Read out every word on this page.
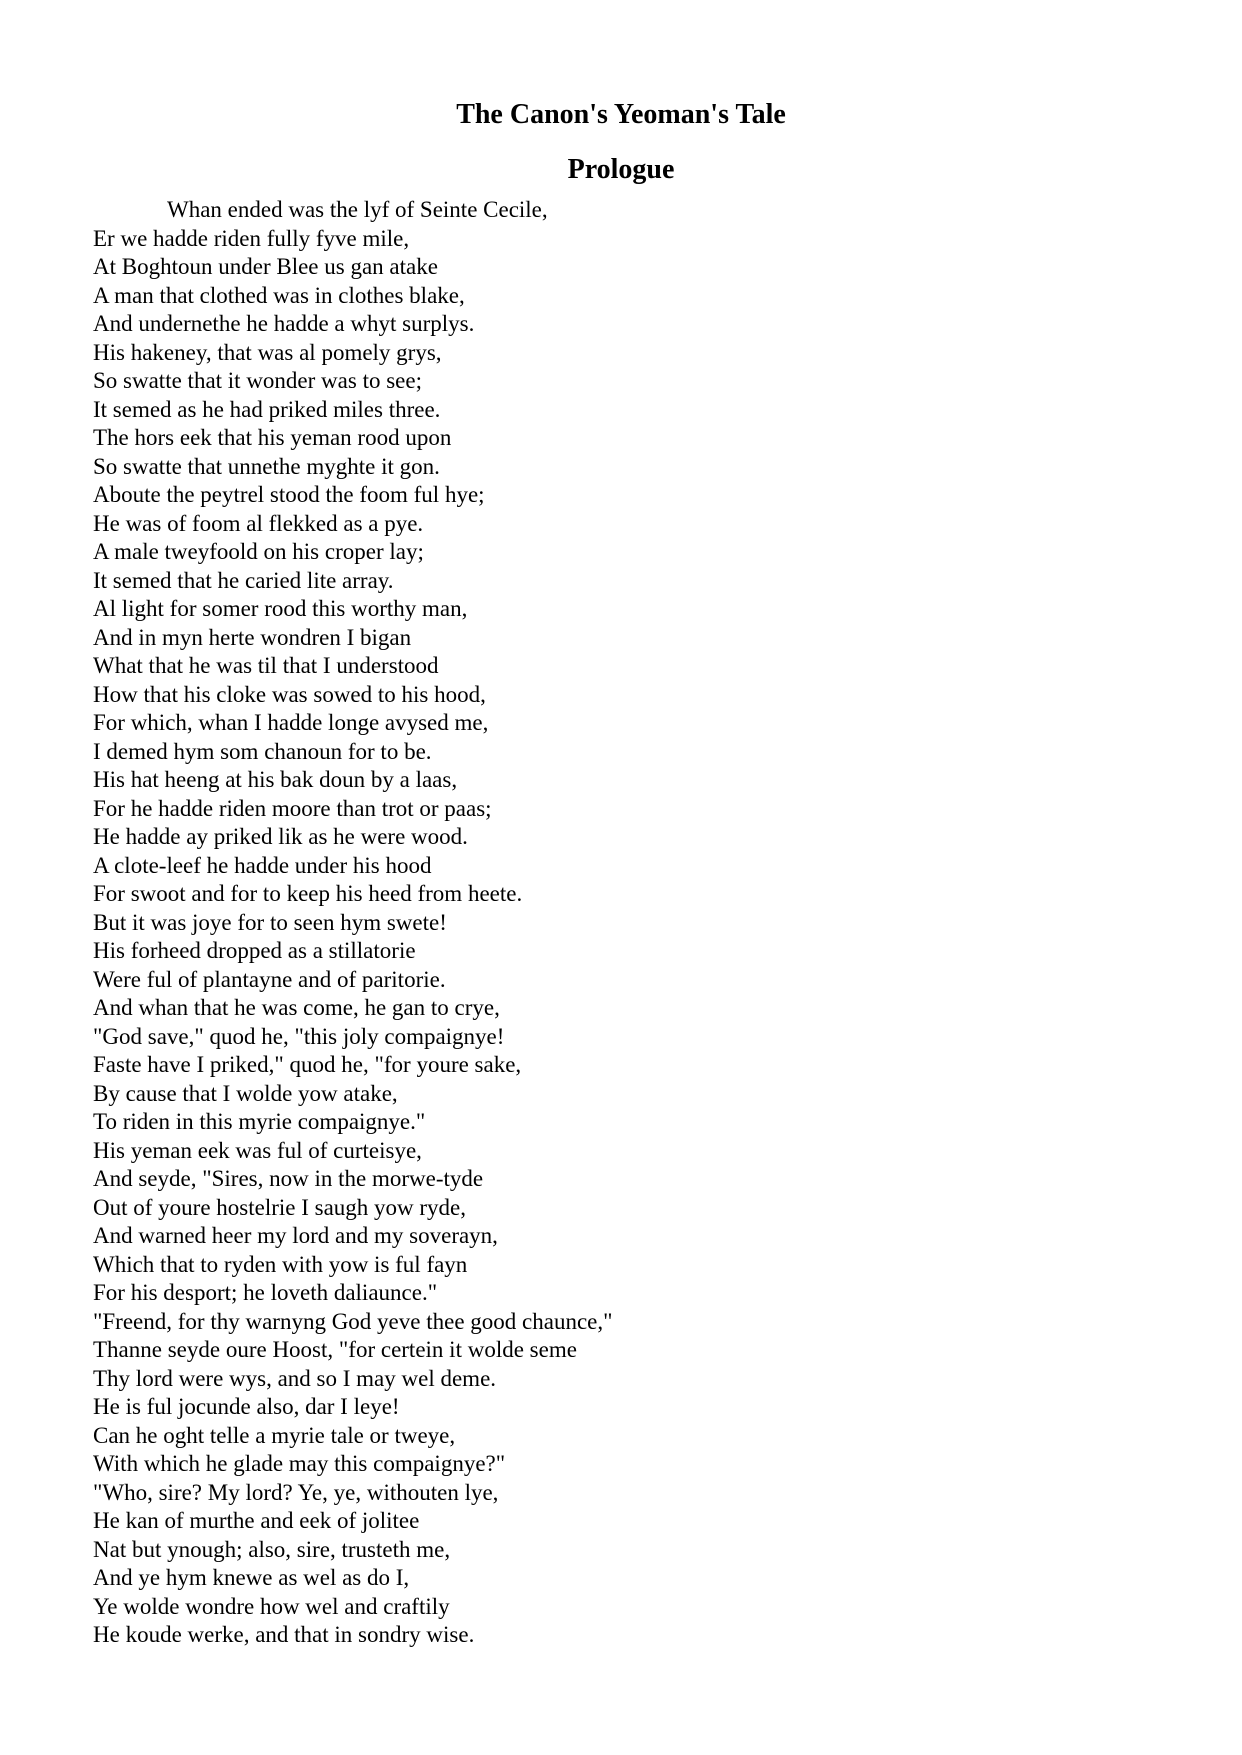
The Canon's Yeoman's Tale
Prologue
Whan ended was the lyf of Seinte Cecile,
Er we hadde riden fully fyve mile,
At Boghtoun under Blee us gan atake
A man that clothed was in clothes blake,
And undernethe he hadde a whyt surplys.
His hakeney, that was al pomely grys,
So swatte that it wonder was to see;
It semed as he had priked miles three.
The hors eek that his yeman rood upon
So swatte that unnethe myghte it gon.
Aboute the peytrel stood the foom ful hye;
He was of foom al flekked as a pye.
A male tweyfoold on his croper lay;
It semed that he caried lite array.
Al light for somer rood this worthy man,
And in myn herte wondren I bigan
What that he was til that I understood
How that his cloke was sowed to his hood,
For which, whan I hadde longe avysed me,
I demed hym som chanoun for to be.
His hat heeng at his bak doun by a laas,
For he hadde riden moore than trot or paas;
He hadde ay priked lik as he were wood.
A clote-leef he hadde under his hood
For swoot and for to keep his heed from heete.
But it was joye for to seen hym swete!
His forheed dropped as a stillatorie
Were ful of plantayne and of paritorie.
And whan that he was come, he gan to crye,
"God save," quod he, "this joly compaignye!
Faste have I priked," quod he, "for youre sake,
By cause that I wolde yow atake,
To riden in this myrie compaignye."
His yeman eek was ful of curteisye,
And seyde, "Sires, now in the morwe-tyde
Out of youre hostelrie I saugh yow ryde,
And warned heer my lord and my soverayn,
Which that to ryden with yow is ful fayn
For his desport; he loveth daliaunce."
"Freend, for thy warnyng God yeve thee good chaunce,"
Thanne seyde oure Hoost, "for certein it wolde seme
Thy lord were wys, and so I may wel deme.
He is ful jocunde also, dar I leye!
Can he oght telle a myrie tale or tweye,
With which he glade may this compaignye?"
"Who, sire? My lord? Ye, ye, withouten lye,
He kan of murthe and eek of jolitee
Nat but ynough; also, sire, trusteth me,
And ye hym knewe as wel as do I,
Ye wolde wondre how wel and craftily
He koude werke, and that in sondry wise.
